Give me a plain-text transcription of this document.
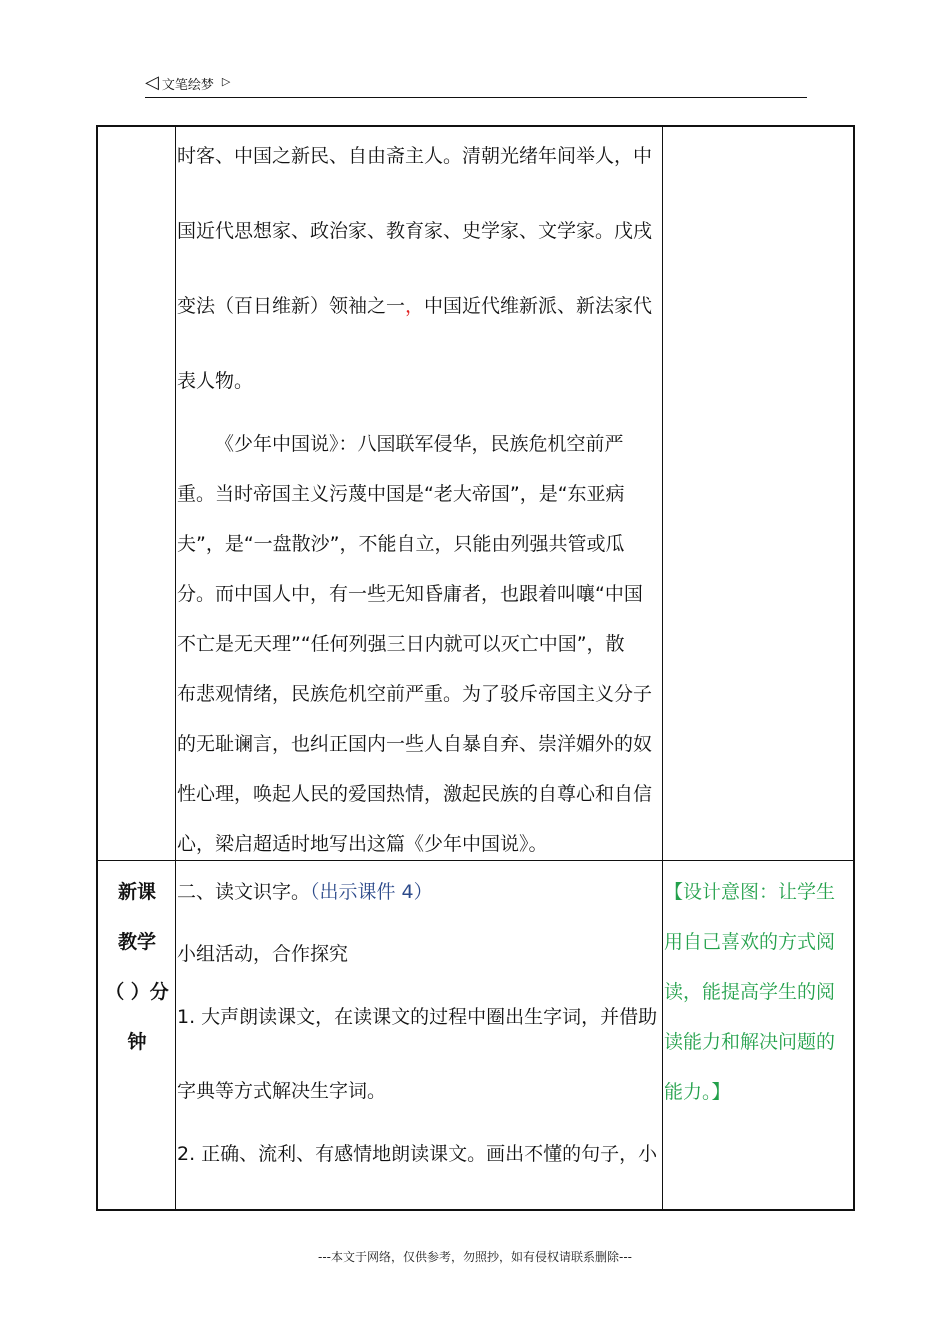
◁ 文笔绘梦 ▷
时客、中国之新民、自由斋主人。清朝光绪年间举人，中
国近代思想家、政治家、教育家、史学家、文学家。戊戌
变法（百日维新）领袖之一，中国近代维新派、新法家代
表人物。
《少年中国说》：八国联军侵华，民族危机空前严
重。当时帝国主义污蔑中国是“老大帝国”，是“东亚病
夫”，是“一盘散沙”，不能自立，只能由列强共管或瓜
分。而中国人中，有一些无知昏庸者，也跟着叫嚷“中国
不亡是无天理”“任何列强三日内就可以灭亡中国”，散
布悲观情绪，民族危机空前严重。为了驳斥帝国主义分子
的无耻谰言，也纠正国内一些人自暴自弃、崇洋媚外的奴
性心理，唤起人民的爱国热情，激起民族的自尊心和自信
心，梁启超适时地写出这篇《少年中国说》。
新课
教学
（ ）分
钟
二、读文识字。（出示课件 4）
小组活动，合作探究
1. 大声朗读课文，在读课文的过程中圈出生字词，并借助
字典等方式解决生字词。
2. 正确、流利、有感情地朗读课文。画出不懂的句子，小
【设计意图：让学生
用自己喜欢的方式阅
读，能提高学生的阅
读能力和解决问题的
能力。】
---本文于网络，仅供参考，勿照抄，如有侵权请联系删除---
